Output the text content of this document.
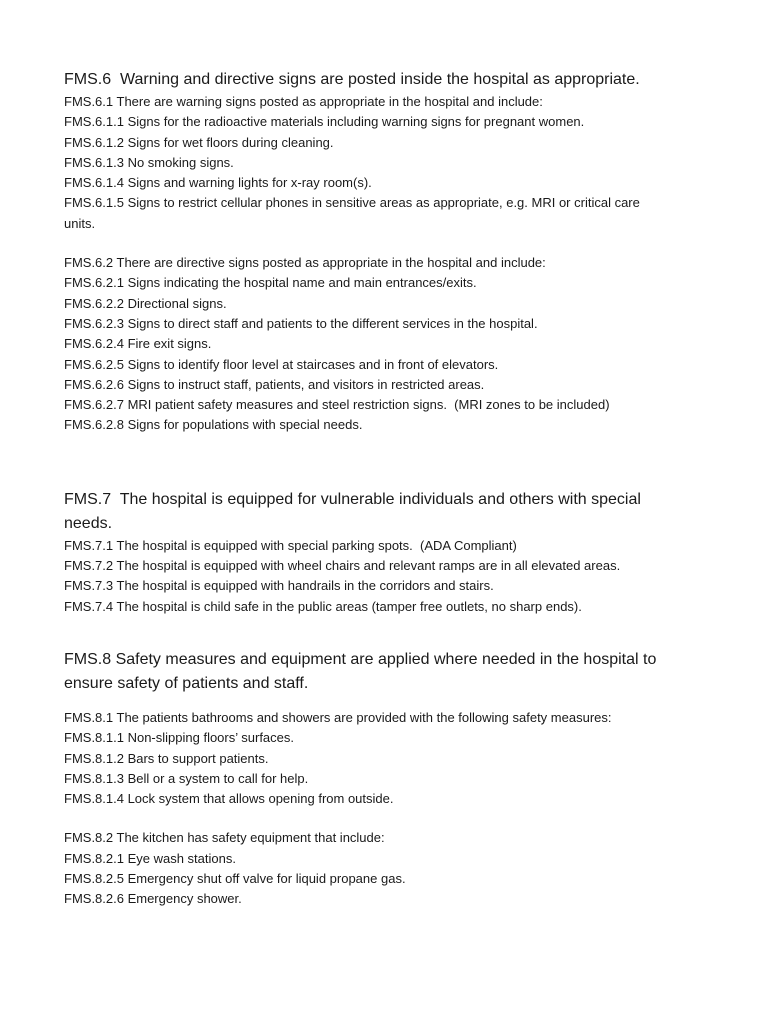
FMS.6  Warning and directive signs are posted inside the hospital as appropriate.

FMS.6.1 There are warning signs posted as appropriate in the hospital and include:

FMS.6.1.1 Signs for the radioactive materials including warning signs for pregnant women.

FMS.6.1.2 Signs for wet floors during cleaning.

FMS.6.1.3 No smoking signs.

FMS.6.1.4 Signs and warning lights for x-ray room(s).

FMS.6.1.5 Signs to restrict cellular phones in sensitive areas as appropriate, e.g. MRI or critical care units.

FMS.6.2 There are directive signs posted as appropriate in the hospital and include:

FMS.6.2.1 Signs indicating the hospital name and main entrances/exits.

FMS.6.2.2 Directional signs.

FMS.6.2.3 Signs to direct staff and patients to the different services in the hospital.

FMS.6.2.4 Fire exit signs.

FMS.6.2.5 Signs to identify floor level at staircases and in front of elevators.

FMS.6.2.6 Signs to instruct staff, patients, and visitors in restricted areas.

FMS.6.2.7 MRI patient safety measures and steel restriction signs.  (MRI zones to be included)

FMS.6.2.8 Signs for populations with special needs.

FMS.7  The hospital is equipped for vulnerable individuals and others with special needs.

FMS.7.1 The hospital is equipped with special parking spots.  (ADA Compliant)

FMS.7.2 The hospital is equipped with wheel chairs and relevant ramps are in all elevated areas.

FMS.7.3 The hospital is equipped with handrails in the corridors and stairs.

FMS.7.4 The hospital is child safe in the public areas (tamper free outlets, no sharp ends).

FMS.8 Safety measures and equipment are applied where needed in the hospital to ensure safety of patients and staff.

FMS.8.1 The patients bathrooms and showers are provided with the following safety measures:

FMS.8.1.1 Non-slipping floors’ surfaces.

FMS.8.1.2 Bars to support patients.

FMS.8.1.3 Bell or a system to call for help.

FMS.8.1.4 Lock system that allows opening from outside.

FMS.8.2 The kitchen has safety equipment that include:

FMS.8.2.1 Eye wash stations.

FMS.8.2.5 Emergency shut off valve for liquid propane gas.

FMS.8.2.6 Emergency shower.
